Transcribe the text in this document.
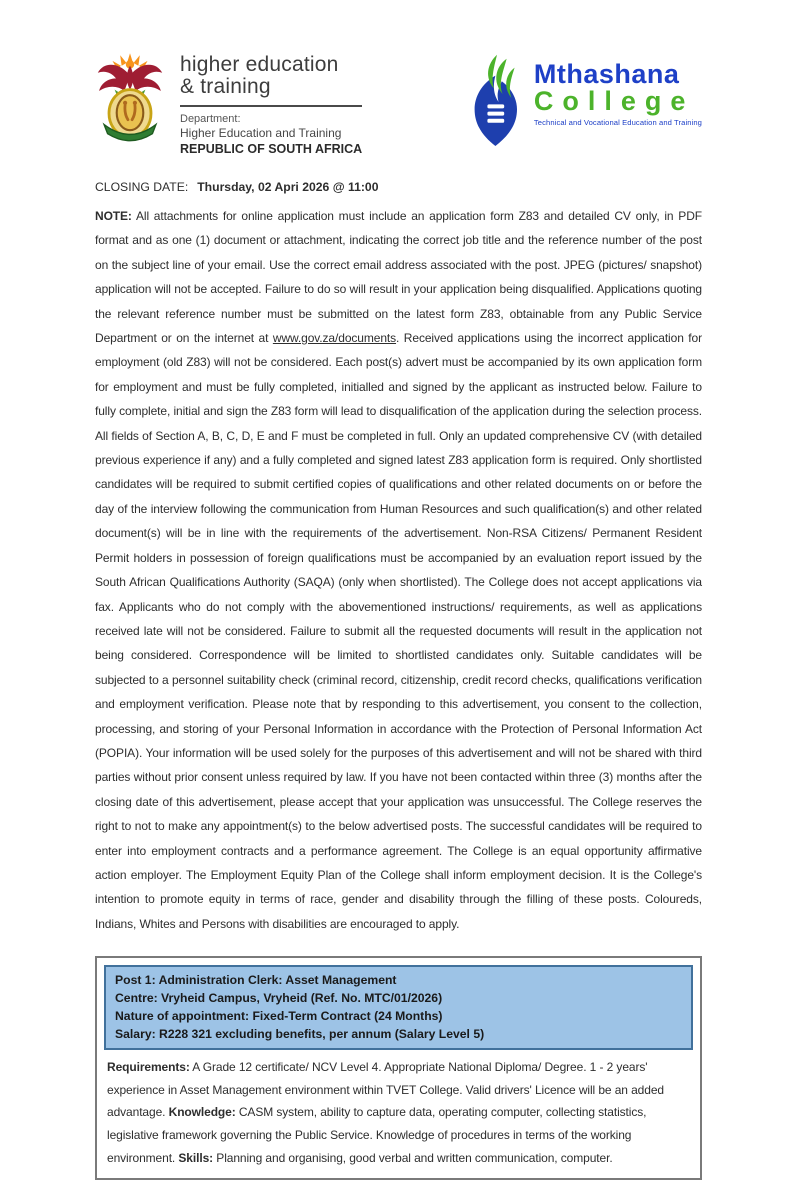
higher education
& training
Department:
Higher Education and Training
REPUBLIC OF SOUTH AFRICA
Mthashana
College
Technical and Vocational Education and Training
CLOSING DATE: Thursday, 02 Apri 2026 @ 11:00

NOTE: All attachments for online application must include an application form Z83 and detailed CV only, in PDF format and as one (1) document or attachment, indicating the correct job title and the reference number of the post on the subject line of your email. Use the correct email address associated with the post. JPEG (pictures/ snapshot) application will not be accepted. Failure to do so will result in your application being disqualified. Applications quoting the relevant reference number must be submitted on the latest form Z83, obtainable from any Public Service Department or on the internet at www.gov.za/documents. Received applications using the incorrect application for employment (old Z83) will not be considered. Each post(s) advert must be accompanied by its own application form for employment and must be fully completed, initialled and signed by the applicant as instructed below. Failure to fully complete, initial and sign the Z83 form will lead to disqualification of the application during the selection process. All fields of Section A, B, C, D, E and F must be completed in full. Only an updated comprehensive CV (with detailed previous experience if any) and a fully completed and signed latest Z83 application form is required. Only shortlisted candidates will be required to submit certified copies of qualifications and other related documents on or before the day of the interview following the communication from Human Resources and such qualification(s) and other related document(s) will be in line with the requirements of the advertisement. Non-RSA Citizens/ Permanent Resident Permit holders in possession of foreign qualifications must be accompanied by an evaluation report issued by the South African Qualifications Authority (SAQA) (only when shortlisted). The College does not accept applications via fax. Applicants who do not comply with the abovementioned instructions/ requirements, as well as applications received late will not be considered. Failure to submit all the requested documents will result in the application not being considered. Correspondence will be limited to shortlisted candidates only. Suitable candidates will be subjected to a personnel suitability check (criminal record, citizenship, credit record checks, qualifications verification and employment verification. Please note that by responding to this advertisement, you consent to the collection, processing, and storing of your Personal Information in accordance with the Protection of Personal Information Act (POPIA). Your information will be used solely for the purposes of this advertisement and will not be shared with third parties without prior consent unless required by law. If you have not been contacted within three (3) months after the closing date of this advertisement, please accept that your application was unsuccessful. The College reserves the right to not to make any appointment(s) to the below advertised posts. The successful candidates will be required to enter into employment contracts and a performance agreement. The College is an equal opportunity affirmative action employer. The Employment Equity Plan of the College shall inform employment decision. It is the College's intention to promote equity in terms of race, gender and disability through the filling of these posts. Coloureds, Indians, Whites and Persons with disabilities are encouraged to apply.

Post 1: Administration Clerk: Asset Management
Centre: Vryheid Campus, Vryheid (Ref. No. MTC/01/2026)
Nature of appointment: Fixed-Term Contract (24 Months)
Salary: R228 321 excluding benefits, per annum (Salary Level 5)

Requirements: A Grade 12 certificate/ NCV Level 4. Appropriate National Diploma/ Degree. 1 - 2 years' experience in Asset Management environment within TVET College. Valid drivers' Licence will be an added advantage. Knowledge: CASM system, ability to capture data, operating computer, collecting statistics, legislative framework governing the Public Service. Knowledge of procedures in terms of the working environment. Skills: Planning and organising, good verbal and written communication, computer.
